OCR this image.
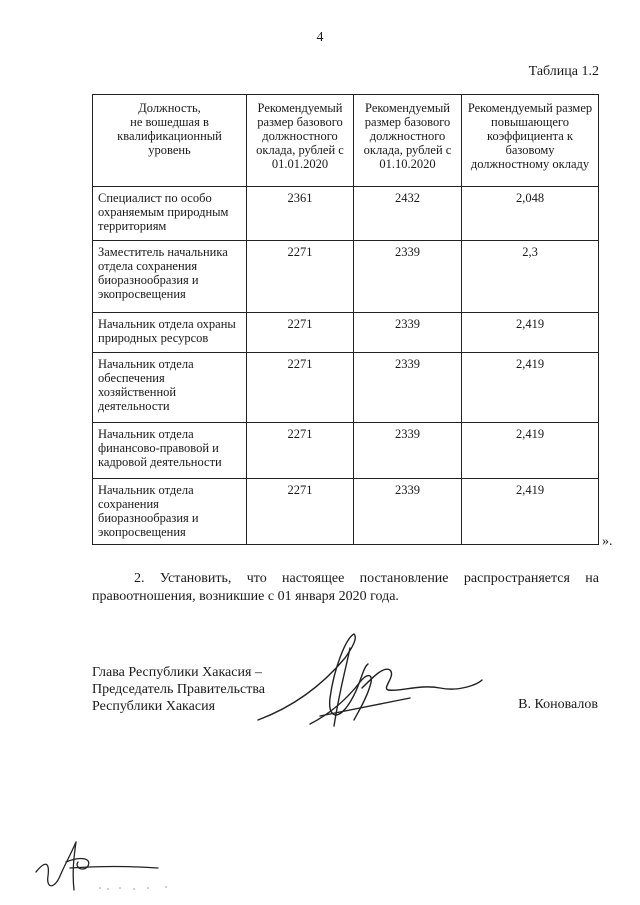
4
Таблица 1.2
Должность,
не вошедшая в квалификационный уровень	Рекомендуемый размер базового должностного оклада, рублей с 01.01.2020	Рекомендуемый размер базового должностного оклада, рублей с 01.10.2020	Рекомендуемый размер повышающего коэффициента к базовому должностному окладу
Специалист по особо охраняемым природным территориям	2361	2432	2,048
Заместитель начальника отдела сохранения биоразнообразия и экопросвещения	2271	2339	2,3
Начальник отдела охраны природных ресурсов	2271	2339	2,419
Начальник отдела обеспечения хозяйственной деятельности	2271	2339	2,419
Начальник отдела финансово-правовой и кадровой деятельности	2271	2339	2,419
Начальник отдела сохранения биоразнообразия и экопросвещения	2271	2339	2,419
».
2. Установить, что настоящее постановление распространяется на правоотношения, возникшие с 01 января 2020 года.
Глава Республики Хакасия –
Председатель Правительства
Республики Хакасия	В. Коновалов
